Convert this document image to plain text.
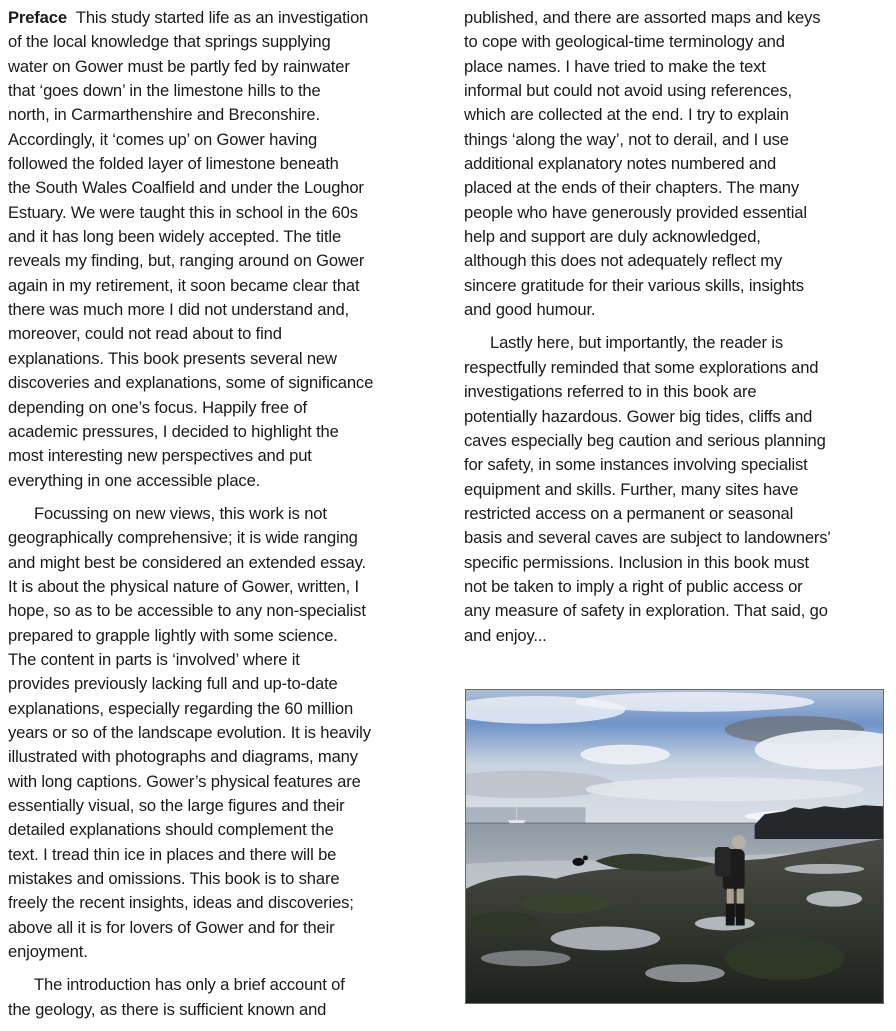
Preface This study started life as an investigation
of the local knowledge that springs supplying
water on Gower must be partly fed by rainwater
that ‘goes down’ in the limestone hills to the
north, in Carmarthenshire and Breconshire.
Accordingly, it ‘comes up’ on Gower having
followed the folded layer of limestone beneath
the South Wales Coalfield and under the Loughor
Estuary. We were taught this in school in the 60s
and it has long been widely accepted. The title
reveals my finding, but, ranging around on Gower
again in my retirement, it soon became clear that
there was much more I did not understand and,
moreover, could not read about to find
explanations. This book presents several new
discoveries and explanations, some of significance
depending on one’s focus. Happily free of
academic pressures, I decided to highlight the
most interesting new perspectives and put
everything in one accessible place.
Focussing on new views, this work is not
geographically comprehensive; it is wide ranging
and might best be considered an extended essay.
It is about the physical nature of Gower, written, I
hope, so as to be accessible to any non-specialist
prepared to grapple lightly with some science.
The content in parts is ‘involved’ where it
provides previously lacking full and up-to-date
explanations, especially regarding the 60 million
years or so of the landscape evolution. It is heavily
illustrated with photographs and diagrams, many
with long captions. Gower’s physical features are
essentially visual, so the large figures and their
detailed explanations should complement the
text. I tread thin ice in places and there will be
mistakes and omissions. This book is to share
freely the recent insights, ideas and discoveries;
above all it is for lovers of Gower and for their
enjoyment.
The introduction has only a brief account of
the geology, as there is sufficient known and
published, and there are assorted maps and keys
to cope with geological-time terminology and
place names. I have tried to make the text
informal but could not avoid using references,
which are collected at the end. I try to explain
things ‘along the way’, not to derail, and I use
additional explanatory notes numbered and
placed at the ends of their chapters. The many
people who have generously provided essential
help and support are duly acknowledged,
although this does not adequately reflect my
sincere gratitude for their various skills, insights
and good humour.
Lastly here, but importantly, the reader is
respectfully reminded that some explorations and
investigations referred to in this book are
potentially hazardous. Gower big tides, cliffs and
caves especially beg caution and serious planning
for safety, in some instances involving specialist
equipment and skills. Further, many sites have
restricted access on a permanent or seasonal
basis and several caves are subject to landowners'
specific permissions. Inclusion in this book must
not be taken to imply a right of public access or
any measure of safety in exploration. That said, go
and enjoy...
